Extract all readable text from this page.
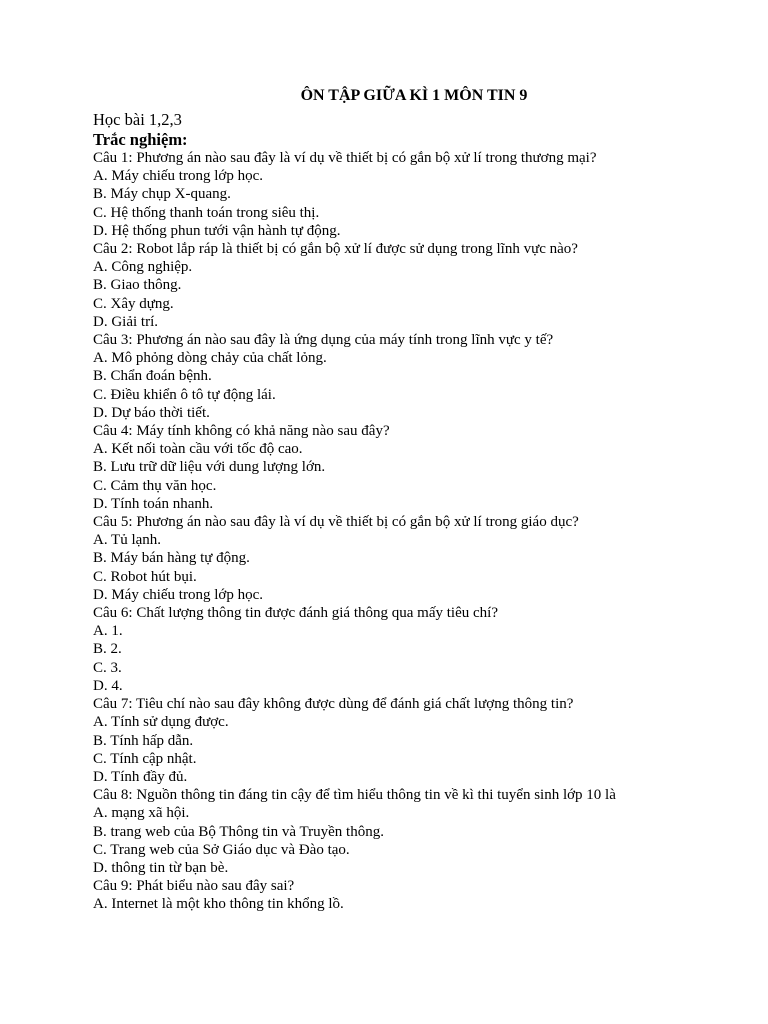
ÔN TẬP GIỮA KÌ 1 MÔN TIN 9
Học bài 1,2,3
Trắc nghiệm:
Câu 1: Phương án nào sau đây là ví dụ về thiết bị có gắn bộ xử lí trong thương mại?
A. Máy chiếu trong lớp học.
B. Máy chụp X-quang.
C. Hệ thống thanh toán trong siêu thị.
D. Hệ thống phun tưới vận hành tự động.
Câu 2: Robot lắp ráp là thiết bị có gắn bộ xử lí được sử dụng trong lĩnh vực nào?
A. Công nghiệp.
B. Giao thông.
C. Xây dựng.
D. Giải trí.
Câu 3: Phương án nào sau đây là ứng dụng của máy tính trong lĩnh vực y tế?
A. Mô phỏng dòng chảy của chất lỏng.
B. Chẩn đoán bệnh.
C. Điều khiển ô tô tự động lái.
D. Dự báo thời tiết.
Câu 4: Máy tính không có khả năng nào sau đây?
A. Kết nối toàn cầu với tốc độ cao.
B. Lưu trữ dữ liệu với dung lượng lớn.
C. Cảm thụ văn học.
D. Tính toán nhanh.
Câu 5: Phương án nào sau đây là ví dụ về thiết bị có gắn bộ xử lí trong giáo dục?
A. Tủ lạnh.
B. Máy bán hàng tự động.
C. Robot hút bụi.
D. Máy chiếu trong lớp học.
Câu 6: Chất lượng thông tin được đánh giá thông qua mấy tiêu chí?
A. 1.
B. 2.
C. 3.
D. 4.
Câu 7: Tiêu chí nào sau đây không được dùng để đánh giá chất lượng thông tin?
A. Tính sử dụng được.
B. Tính hấp dẫn.
C. Tính cập nhật.
D. Tính đầy đủ.
Câu 8: Nguồn thông tin đáng tin cậy để tìm hiểu thông tin về kì thi tuyển sinh lớp 10 là
A. mạng xã hội.
B. trang web của Bộ Thông tin và Truyền thông.
C. Trang web của Sở Giáo dục và Đào tạo.
D. thông tin từ bạn bè.
Câu 9: Phát biểu nào sau đây sai?
A. Internet là một kho thông tin khổng lồ.
